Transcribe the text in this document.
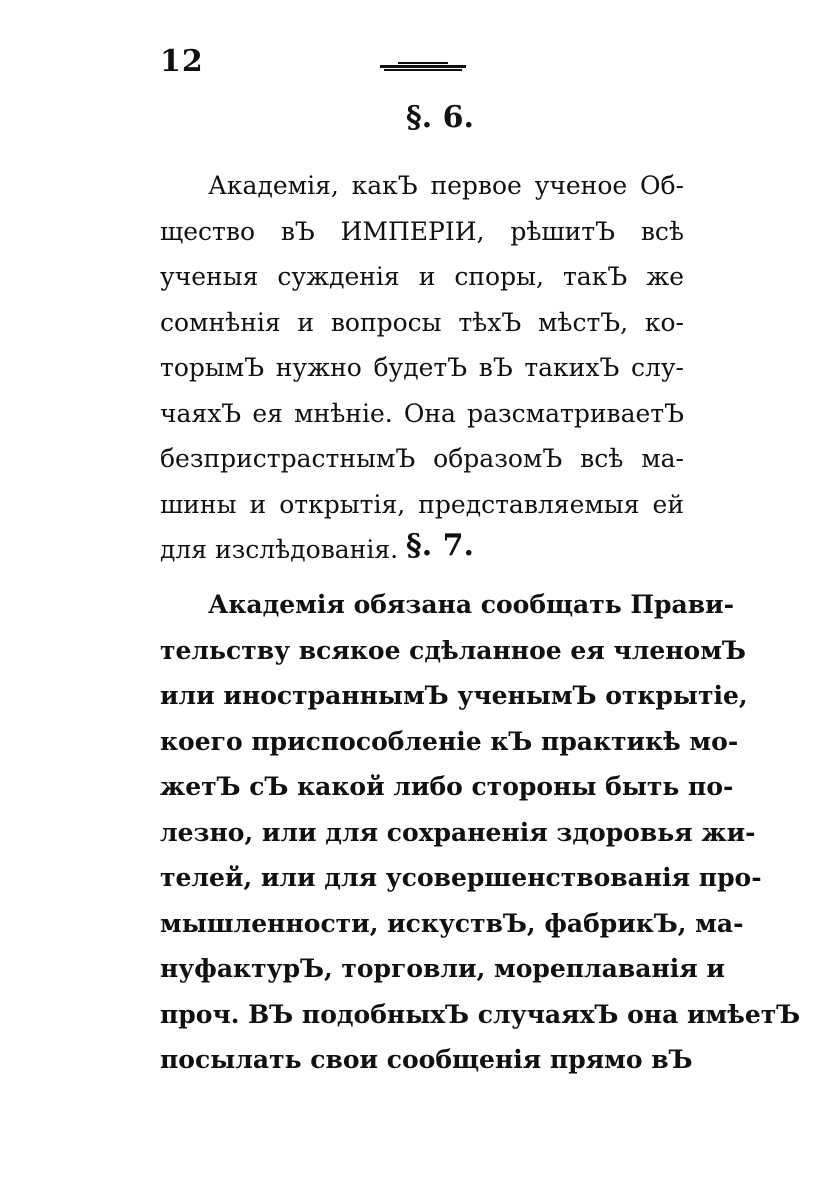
12
§. 6.
Академія, какЪ первое ученое Об-
щество вЪ ИМПЕРІИ, рѣшитЪ всѣ
ученыя сужденія и споры, такЪ же
сомнѣнія и вопросы тѣхЪ мѣстЪ, ко-
торымЪ нужно будетЪ вЪ такихЪ слу-
чаяхЪ ея мнѣніе. Она разсматриваетЪ
безпристрастнымЪ образомЪ всѣ ма-
шины и открытія, представляемыя ей
для изслѣдованія. §. 7.
Академія обязана сообщать Прави-
тельству всякое сдѣланное ея членомЪ
или иностраннымЪ ученымЪ открытіе,
коего приспособленіе кЪ практикѣ мо-
жетЪ сЪ какой либо стороны быть по-
лезно, или для сохраненія здоровья жи-
телей, или для усовершенствованія про-
мышленности, искуствЪ, фабрикЪ, ма-
нуфактурЪ, торговли, мореплаванія и
проч. ВЪ подобныхЪ случаяхЪ она имѣетЪ
посылать свои сообщенія прямо вЪ
